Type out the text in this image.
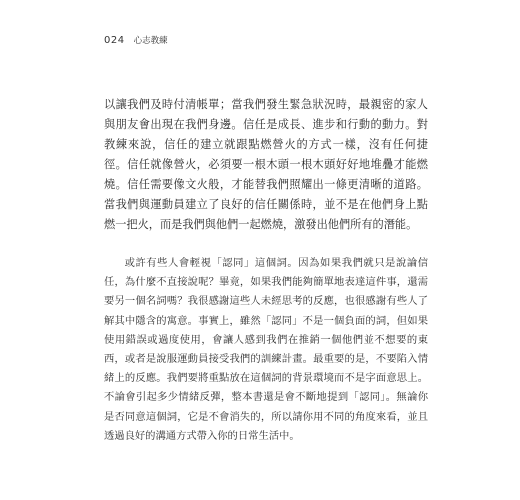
024 心志教練

以讓我們及時付清帳單；當我們發生緊急狀況時，最親密的家人與朋友會出現在我們身邊。信任是成長、進步和行動的動力。對教練來說，信任的建立就跟點燃營火的方式一樣，沒有任何捷徑。信任就像營火，必須要一根木頭一根木頭好好地堆疊才能燃燒。信任需要像文火般，才能替我們照耀出一條更清晰的道路。當我們與運動員建立了良好的信任關係時，並不是在他們身上點燃一把火，而是我們與他們一起燃燒，激發出他們所有的潛能。

或許有些人會輕視「認同」這個詞。因為如果我們就只是說論信任，為什麼不直接說呢？畢竟，如果我們能夠簡單地表達這件事，還需要另一個名詞嗎？我很感謝這些人未經思考的反應，也很感謝有些人了解其中隱含的寓意。事實上，雖然「認同」不是一個負面的詞，但如果使用錯誤或過度使用，會讓人感到我們在推銷一個他們並不想要的東西，或者是說服運動員接受我們的訓練計畫。最重要的是，不要陷入情緒上的反應。我們要將重點放在這個詞的背景環境而不是字面意思上。不論會引起多少情緒反彈，整本書還是會不斷地提到「認同」。無論你是否同意這個詞，它是不會消失的，所以請你用不同的角度來看，並且透過良好的溝通方式帶入你的日常生活中。
